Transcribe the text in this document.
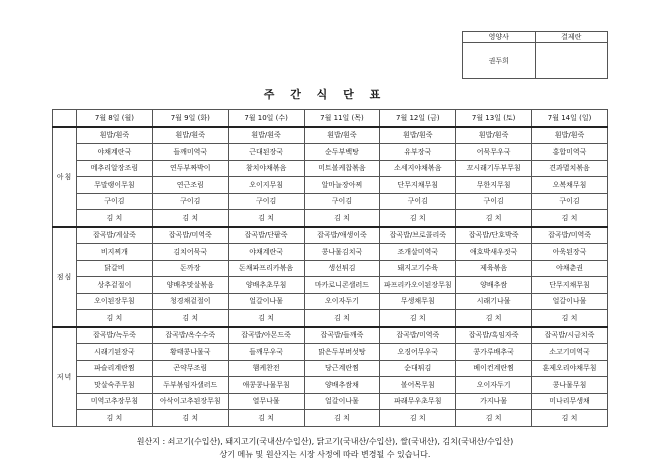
영양사	결제란
권두희	
주 간 식 단 표
	7월 8일 (월)	7월 9일 (화)	7월 10일 (수)	7월 11일 (목)	7월 12일 (금)	7월 13일 (토)	7월 14일 (일)
아침	흰밥/흰죽	흰밥/흰죽	흰밥/흰죽	흰밥/흰죽	흰밥/흰죽	흰밥/흰죽	흰밥/흰죽
	야채계란국	들깨미역국	근대된장국	순두부백탕	유부장국	어묵무우국	홍합미역국
	메추리알장조림	연두부짜박이	참치야채볶음	미트볼케찹볶음	소세지야채볶음	꼬시래기두부무침	견과멸치볶음
	무말랭이무침	연근조림	오이지무침	알마늘장아찌	단무지채무침	무한지무침	오복채무침
	구이김	구이김	구이김	구이김	구이김	구이김	구이김
	김 치	김 치	김 치	김 치	김 치	김 치	김 치
점심	잡곡밥/게살죽	잡곡밥/미역죽	잡곡밥/단팥죽	잡곡밥/애생이죽	잡곡밥/브로콜리죽	잡곡밥/단호박죽	잡곡밥/미역죽
	비지찌개	김치어묵국	야채계란국	콩나물김치국	조개살미역국	애호박새우젓국	아욱된장국
	닭갈비	돈까장	돈채파프리카볶음	생선튀김	돼지고기수육	제육볶음	야채춘권
	상추겉절이	양배추맛살볶음	양배추초무침	마카로니콘샐러드	파프리카오이된장무침	양배추쌈	단무지채무침
	오이된장무침	청경채겉절이	얼갈이나물	오이자두기	무생채무침	시래기나물	얼갈이나물
	김 치	김 치	김 치	김 치	김 치	김 치	김 치
저녁	잡곡밥/녹두죽	잡곡밥/옥수수죽	잡곡밥/아몬드죽	잡곡밥/들깨죽	잡곡밥/미역죽	잡곡밥/흑임자죽	잡곡밥/시금치죽
	시래기된장국	황태콩나물국	들깨무우국	맑은두부버섯탕	오징어무우국	콩가루배추국	소고기미역국
	파슬리계란찜	곤약무조림	햄케찬전	당근계란찜	순대튀김	베이컨계란찜	훈제오리야채무침
	맛살숙주무침	두부볶임자샐러드	애콩콩나물무침	양배추쌈채	볼어목무침	오이자두기	콩나물무침
	미역고추장무침	아삭이고추된장무침	열무나물	얼갈이나물	파래무우초무침	가지나물	미나리무생채
	김 치	김 치	김 치	김 치	김 치	김 치	김 치
원산지 : 쇠고기(수입산), 돼지고기(국내산/수입산), 닭고기(국내산/수입산), 쌀(국내산), 김치(국내산/수입산)
상기 메뉴 및 원산지는 시장 사정에 따라 변경될 수 있습니다.
